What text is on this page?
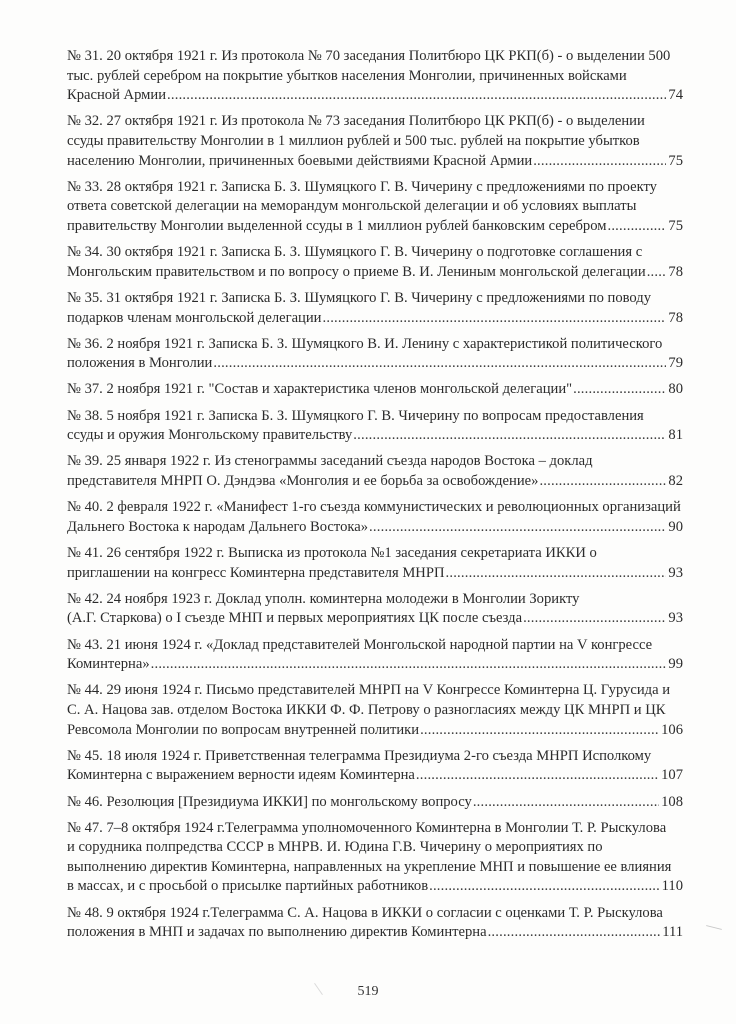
№ 31. 20 октября 1921 г. Из протокола № 70 заседания Политбюро ЦК РКП(б) - о выделении 500
тыс. рублей серебром на покрытие убытков населения Монголии, причиненных войсками
Красной Армии .....	74
№ 32. 27 октября 1921 г. Из протокола № 73 заседания Политбюро ЦК РКП(б) - о выделении
ссуды правительству Монголии в 1 миллион рублей и 500 тыс. рублей на покрытие убытков
населению Монголии, причиненных боевыми действиями Красной Армии .....	75
№ 33. 28 октября 1921 г. Записка Б. З. Шумяцкого Г. В. Чичерину с предложениями по проекту
ответа советской делегации на меморандум монгольской делегации и об условиях выплаты
правительству Монголии выделенной ссуды в 1 миллион рублей банковским серебром .....	75
№ 34. 30 октября 1921 г. Записка Б. З. Шумяцкого Г. В. Чичерину о подготовке соглашения с
Монгольским правительством и по вопросу о приеме В. И. Лениным монгольской делегации ..... 78
№ 35. 31 октября 1921 г. Записка Б. З. Шумяцкого Г. В. Чичерину с предложениями по поводу
подарков членам монгольской делегации .....	78
№ 36. 2 ноября 1921 г. Записка Б. З. Шумяцкого В. И. Ленину с характеристикой политического
положения в Монголии .....	79
№ 37. 2 ноября 1921 г. "Состав и характеристика членов монгольской делегации" .....	80
№ 38. 5 ноября 1921 г. Записка Б. З. Шумяцкого Г. В. Чичерину по вопросам предоставления
ссуды и оружия Монгольскому правительству .....	81
№ 39. 25 января 1922 г. Из стенограммы заседаний съезда народов Востока – доклад
представителя МНРП О. Дэндэва «Монголия и ее борьба за освобождение» .....	82
№ 40. 2 февраля 1922 г. «Манифест 1-го съезда коммунистических и революционных организаций
Дальнего Востока к народам Дальнего Востока» .....	90
№ 41. 26 сентября 1922 г. Выписка из протокола №1 заседания секретариата ИККИ о
приглашении на конгресс Коминтерна представителя МНРП .....	93
№ 42. 24 ноября 1923 г. Доклад уполн. коминтерна молодежи в Монголии Зорикту
(А.Г. Старкова) о I съезде МНП и первых мероприятиях ЦК после съезда .....	93
№ 43. 21 июня 1924 г. «Доклад представителей Монгольской народной партии на V конгрессе
Коминтерна» .....	99
№ 44. 29 июня 1924 г. Письмо представителей МНРП на V Конгрессе Коминтерна Ц. Гурусида и
С. А. Нацова зав. отделом Востока ИККИ Ф. Ф. Петрову о разногласиях между ЦК МНРП и ЦК
Ревсомола Монголии по вопросам внутренней политики .....	106
№ 45. 18 июля 1924 г. Приветственная телеграмма Президиума 2-го съезда МНРП Исполкому
Коминтерна с выражением верности идеям Коминтерна .....	107
№ 46. Резолюция [Президиума ИККИ] по монгольскому вопросу .....	108
№ 47. 7–8 октября 1924 г.Телеграмма уполномоченного Коминтерна в Монголии Т. Р. Рыскулова
и сорудника полпредства СССР в МНРВ. И. Юдина Г.В. Чичерину о мероприятиях по
выполнению директив Коминтерна, направленных на укрепление МНП и повышение ее влияния
в массах, и с просьбой о присылке партийных работников .....	110
№ 48. 9 октября 1924 г.Телеграмма С. А. Нацова в ИККИ о согласии с оценками Т. Р. Рыскулова
положения в МНП и задачах по выполнению директив Коминтерна .....	111
519
